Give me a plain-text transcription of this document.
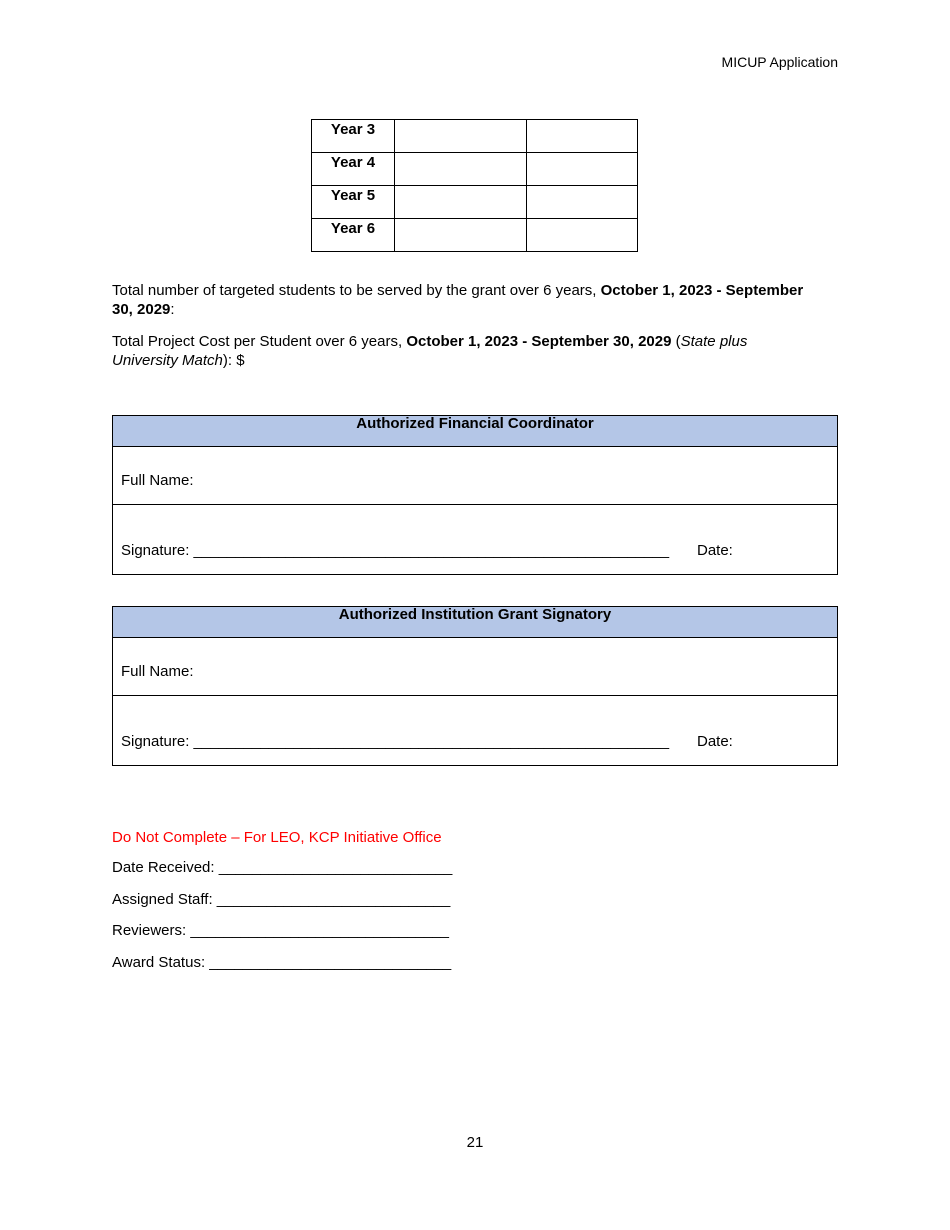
MICUP Application
Year 3		
Year 4		
Year 5		
Year 6		
Total number of targeted students to be served by the grant over 6 years, October 1, 2023 - September 30, 2029:
Total Project Cost per Student over 6 years, October 1, 2023 - September 30, 2029 (State plus University Match): $
Authorized Financial Coordinator
Full Name:
Signature: _________________________________________________________ Date:
Authorized Institution Grant Signatory
Full Name:
Signature: _________________________________________________________ Date:
Do Not Complete – For LEO, KCP Initiative Office
Date Received: ____________________________
Assigned Staff: ____________________________
Reviewers: _______________________________
Award Status: _____________________________
21
